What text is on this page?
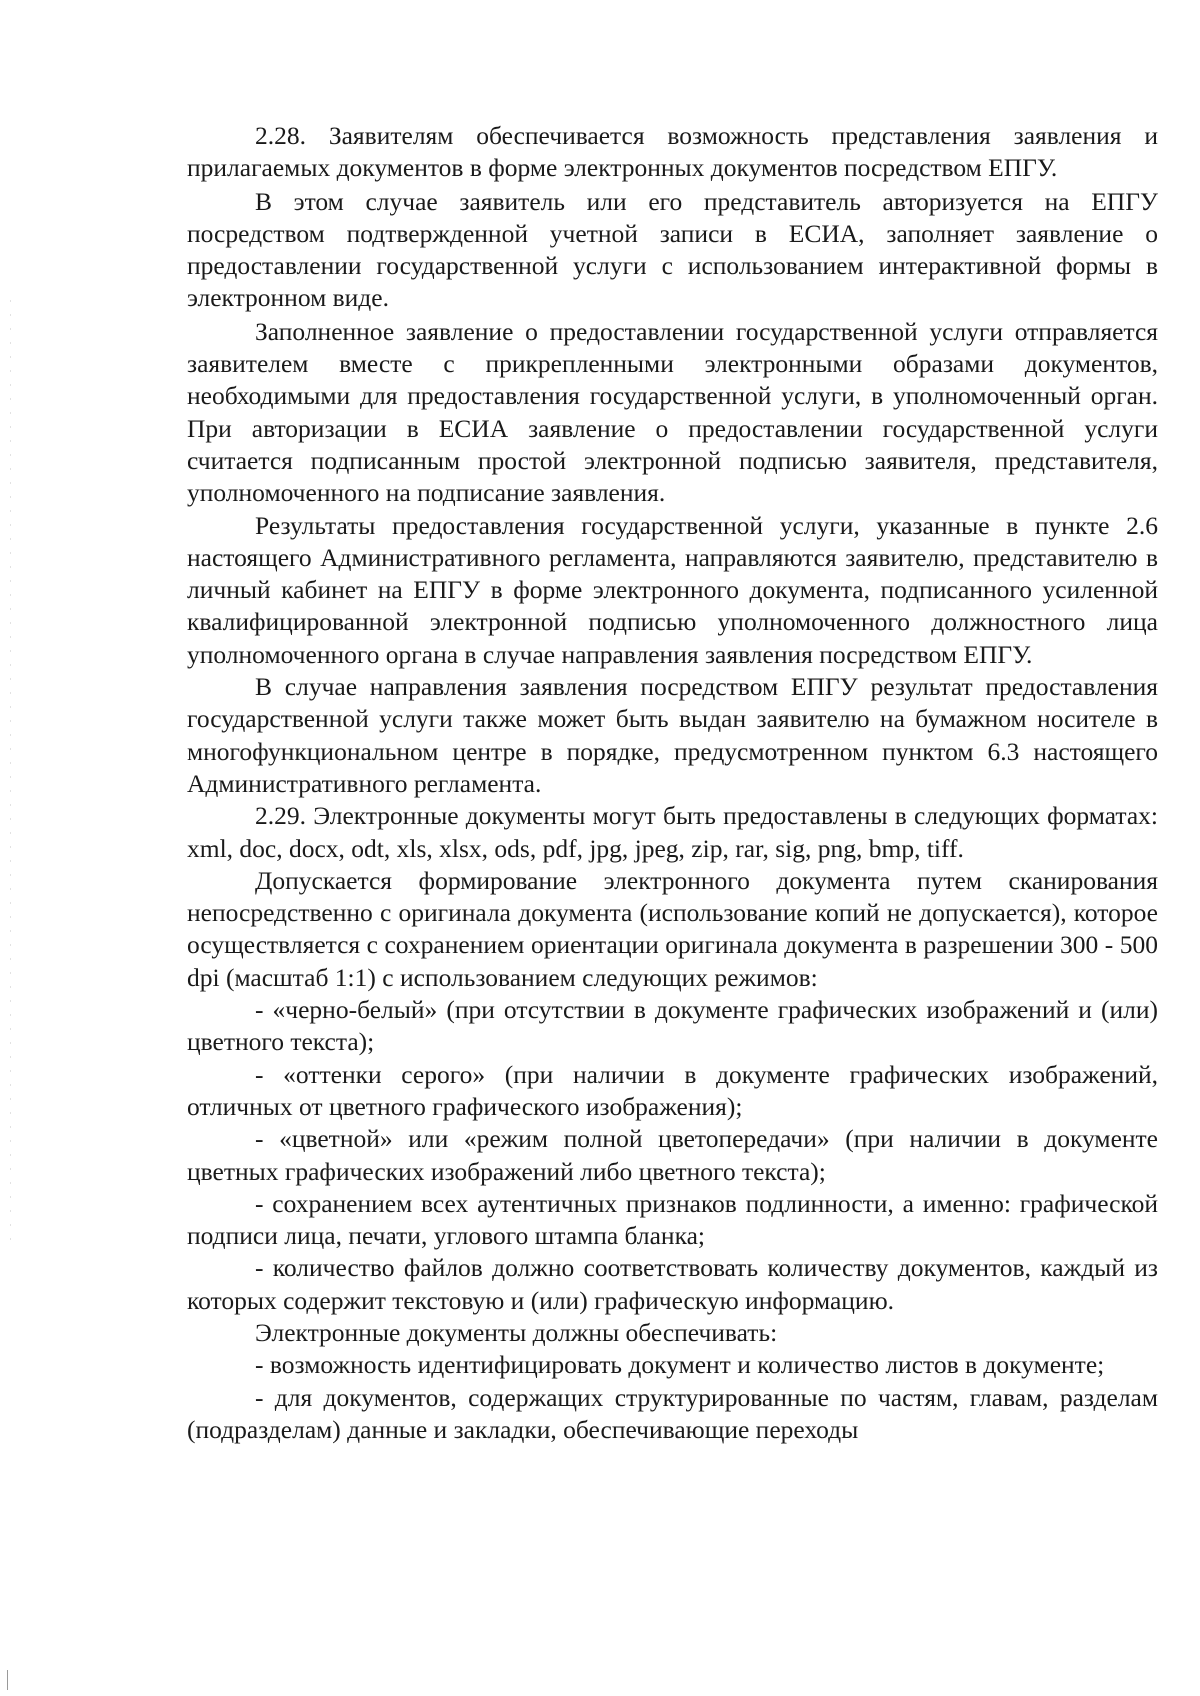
2.28. Заявителям обеспечивается возможность представления заявления и прилагаемых документов в форме электронных документов посредством ЕПГУ.

В этом случае заявитель или его представитель авторизуется на ЕПГУ посредством подтвержденной учетной записи в ЕСИА, заполняет заявление о предоставлении государственной услуги с использованием интерактивной формы в электронном виде.

Заполненное заявление о предоставлении государственной услуги отправляется заявителем вместе с прикрепленными электронными образами документов, необходимыми для предоставления государственной услуги, в уполномоченный орган. При авторизации в ЕСИА заявление о предоставлении государственной услуги считается подписанным простой электронной подписью заявителя, представителя, уполномоченного на подписание заявления.

Результаты предоставления государственной услуги, указанные в пункте 2.6 настоящего Административного регламента, направляются заявителю, представителю в личный кабинет на ЕПГУ в форме электронного документа, подписанного усиленной квалифицированной электронной подписью уполномоченного должностного лица уполномоченного органа в случае направления заявления посредством ЕПГУ.

В случае направления заявления посредством ЕПГУ результат предоставления государственной услуги также может быть выдан заявителю на бумажном носителе в многофункциональном центре в порядке, предусмотренном пунктом 6.3 настоящего Административного регламента.

2.29. Электронные документы могут быть предоставлены в следующих форматах: xml, doc, docx, odt, xls, xlsx, ods, pdf, jpg, jpeg, zip, rar, sig, png, bmp, tiff.

Допускается формирование электронного документа путем сканирования непосредственно с оригинала документа (использование копий не допускается), которое осуществляется с сохранением ориентации оригинала документа в разрешении 300 - 500 dpi (масштаб 1:1) с использованием следующих режимов:

- «черно-белый» (при отсутствии в документе графических изображений и (или) цветного текста);

- «оттенки серого» (при наличии в документе графических изображений, отличных от цветного графического изображения);

- «цветной» или «режим полной цветопередачи» (при наличии в документе цветных графических изображений либо цветного текста);

- сохранением всех аутентичных признаков подлинности, а именно: графической подписи лица, печати, углового штампа бланка;

- количество файлов должно соответствовать количеству документов, каждый из которых содержит текстовую и (или) графическую информацию.

Электронные документы должны обеспечивать:

- возможность идентифицировать документ и количество листов в документе;

- для документов, содержащих структурированные по частям, главам, разделам (подразделам) данные и закладки, обеспечивающие переходы
